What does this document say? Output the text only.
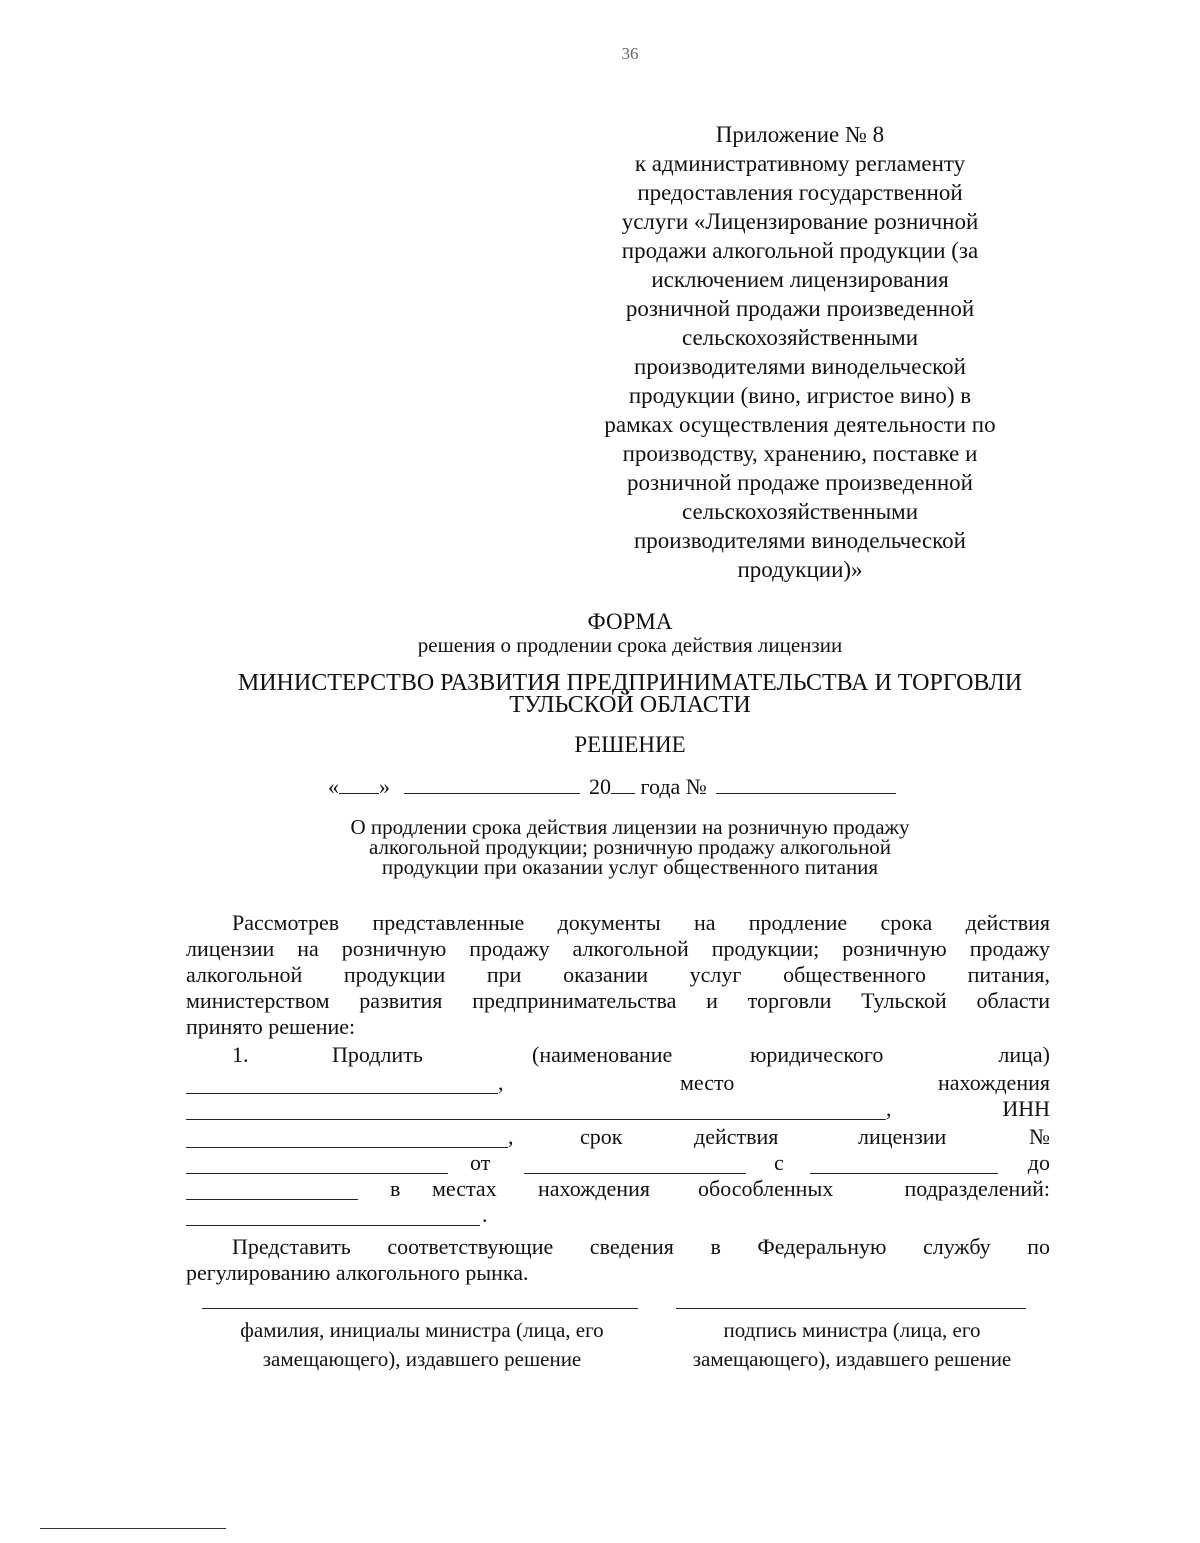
36
Приложение № 8
к административному регламенту
предоставления государственной
услуги «Лицензирование розничной
продажи алкогольной продукции (за
исключением лицензирования
розничной продажи произведенной
сельскохозяйственными
производителями винодельческой
продукции (вино, игристое вино) в
рамках осуществления деятельности по
производству, хранению, поставке и
розничной продаже произведенной
сельскохозяйственными
производителями винодельческой
продукции)»
ФОРМА
решения о продлении срока действия лицензии
МИНИСТЕРСТВО РАЗВИТИЯ ПРЕДПРИНИМАТЕЛЬСТВА И ТОРГОВЛИ
ТУЛЬСКОЙ ОБЛАСТИ
РЕШЕНИЕ
« »	20 года №
О продлении срока действия лицензии на розничную продажу
алкогольной продукции; розничную продажу алкогольной
продукции при оказании услуг общественного питания
Рассмотрев представленные документы на продление срока действия
лицензии на розничную продажу алкогольной продукции; розничную продажу
алкогольной продукции при оказании услуг общественного питания,
министерством развития предпринимательства и торговли Тульской области
принято решение:
1.	Продлить	(наименование	юридического	лица)
,	место	нахождения
,	ИНН
,	срок	действия	лицензии	№
от	с	до
в местах нахождения обособленных	подразделений:
.
Представить соответствующие сведения в Федеральную службу по
регулированию алкогольного рынка.
фамилия, инициалы министра (лица, его
замещающего), издавшего решение
подпись министра (лица, его
замещающего), издавшего решение
